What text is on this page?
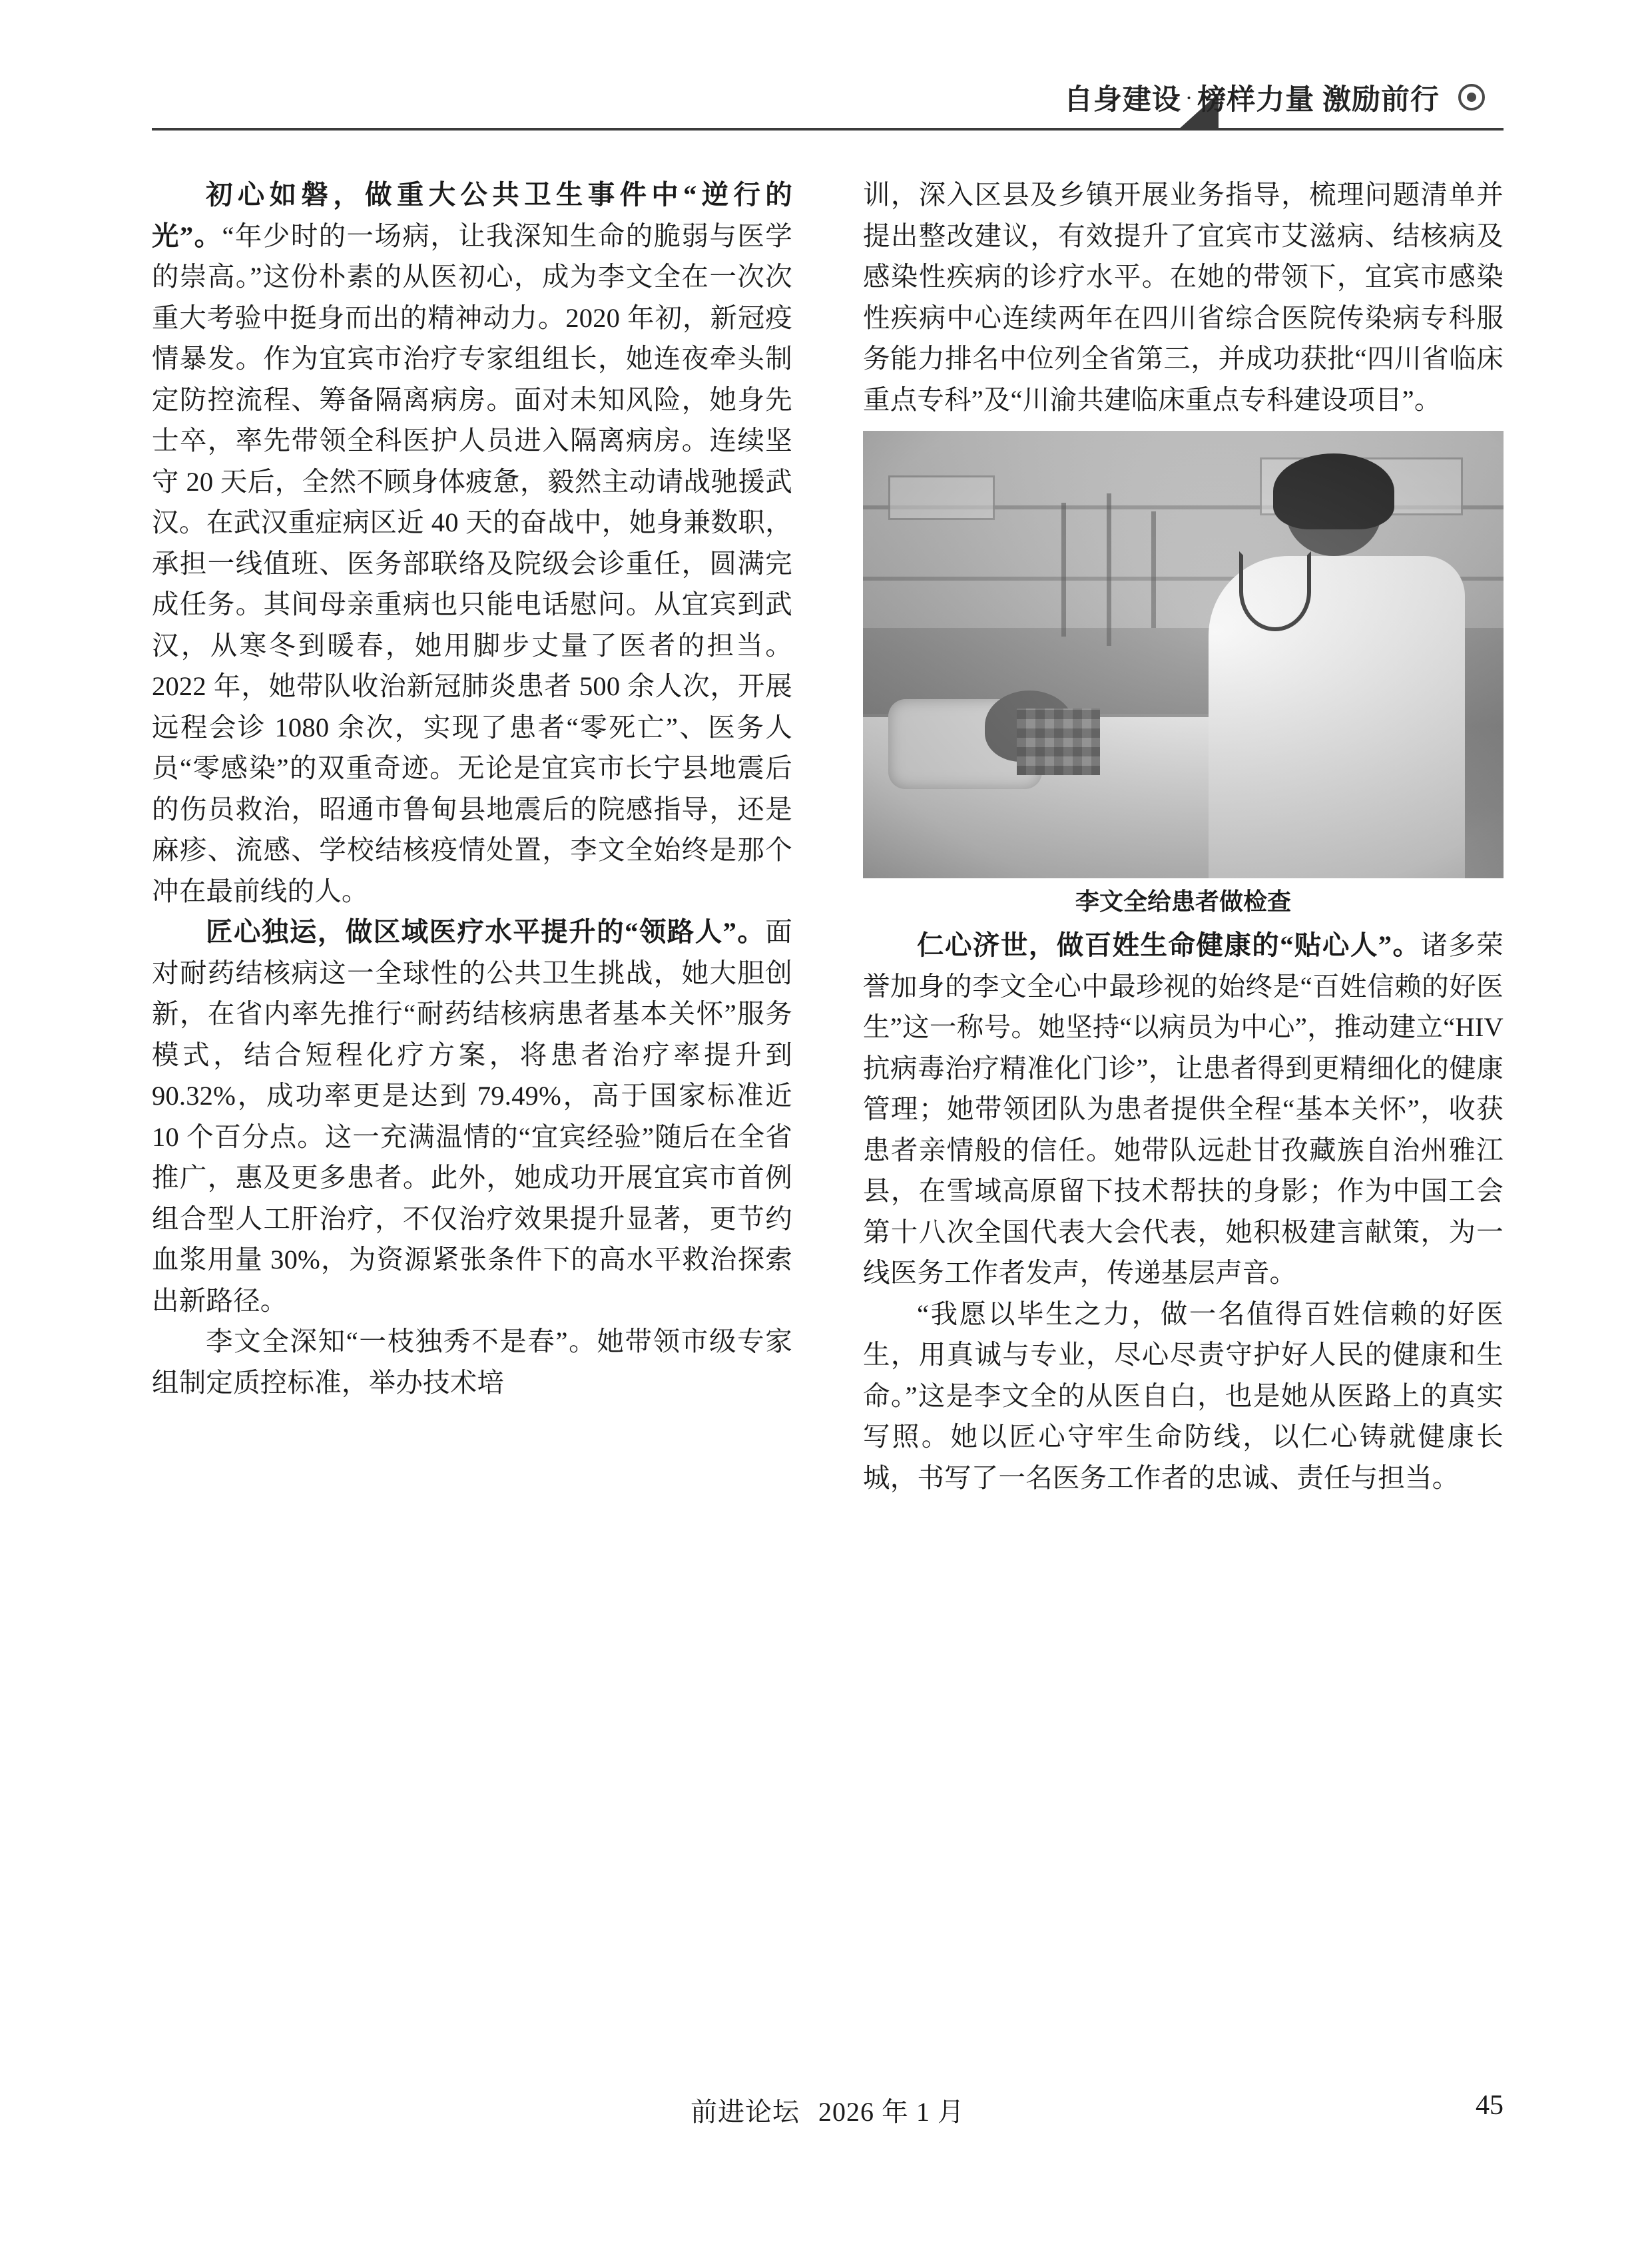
自身建设 · 榜样力量 激励前行

初心如磐，做重大公共卫生事件中“逆行的光”。“年少时的一场病，让我深知生命的脆弱与医学的崇高。”这份朴素的从医初心，成为李文全在一次次重大考验中挺身而出的精神动力。2020 年初，新冠疫情暴发。作为宜宾市治疗专家组组长，她连夜牵头制定防控流程、筹备隔离病房。面对未知风险，她身先士卒，率先带领全科医护人员进入隔离病房。连续坚守 20 天后，全然不顾身体疲惫，毅然主动请战驰援武汉。在武汉重症病区近 40 天的奋战中，她身兼数职，承担一线值班、医务部联络及院级会诊重任，圆满完成任务。其间母亲重病也只能电话慰问。从宜宾到武汉，从寒冬到暖春，她用脚步丈量了医者的担当。2022 年，她带队收治新冠肺炎患者 500 余人次，开展远程会诊 1080 余次，实现了患者“零死亡”、医务人员“零感染”的双重奇迹。无论是宜宾市长宁县地震后的伤员救治，昭通市鲁甸县地震后的院感指导，还是麻疹、流感、学校结核疫情处置，李文全始终是那个冲在最前线的人。

匠心独运，做区域医疗水平提升的“领路人”。面对耐药结核病这一全球性的公共卫生挑战，她大胆创新，在省内率先推行“耐药结核病患者基本关怀”服务模式，结合短程化疗方案，将患者治疗率提升到 90.32%，成功率更是达到 79.49%，高于国家标准近 10 个百分点。这一充满温情的“宜宾经验”随后在全省推广，惠及更多患者。此外，她成功开展宜宾市首例组合型人工肝治疗，不仅治疗效果提升显著，更节约血浆用量 30%，为资源紧张条件下的高水平救治探索出新路径。

李文全深知“一枝独秀不是春”。她带领市级专家组制定质控标准，举办技术培

训，深入区县及乡镇开展业务指导，梳理问题清单并提出整改建议，有效提升了宜宾市艾滋病、结核病及感染性疾病的诊疗水平。在她的带领下，宜宾市感染性疾病中心连续两年在四川省综合医院传染病专科服务能力排名中位列全省第三，并成功获批“四川省临床重点专科”及“川渝共建临床重点专科建设项目”。

李文全给患者做检查

仁心济世，做百姓生命健康的“贴心人”。诸多荣誉加身的李文全心中最珍视的始终是“百姓信赖的好医生”这一称号。她坚持“以病员为中心”，推动建立“HIV 抗病毒治疗精准化门诊”，让患者得到更精细化的健康管理；她带领团队为患者提供全程“基本关怀”，收获患者亲情般的信任。她带队远赴甘孜藏族自治州雅江县，在雪域高原留下技术帮扶的身影；作为中国工会第十八次全国代表大会代表，她积极建言献策，为一线医务工作者发声，传递基层声音。

“我愿以毕生之力，做一名值得百姓信赖的好医生，用真诚与专业，尽心尽责守护好人民的健康和生命。”这是李文全的从医自白，也是她从医路上的真实写照。她以匠心守牢生命防线，以仁心铸就健康长城，书写了一名医务工作者的忠诚、责任与担当。

前进论坛 2026 年 1 月	45
